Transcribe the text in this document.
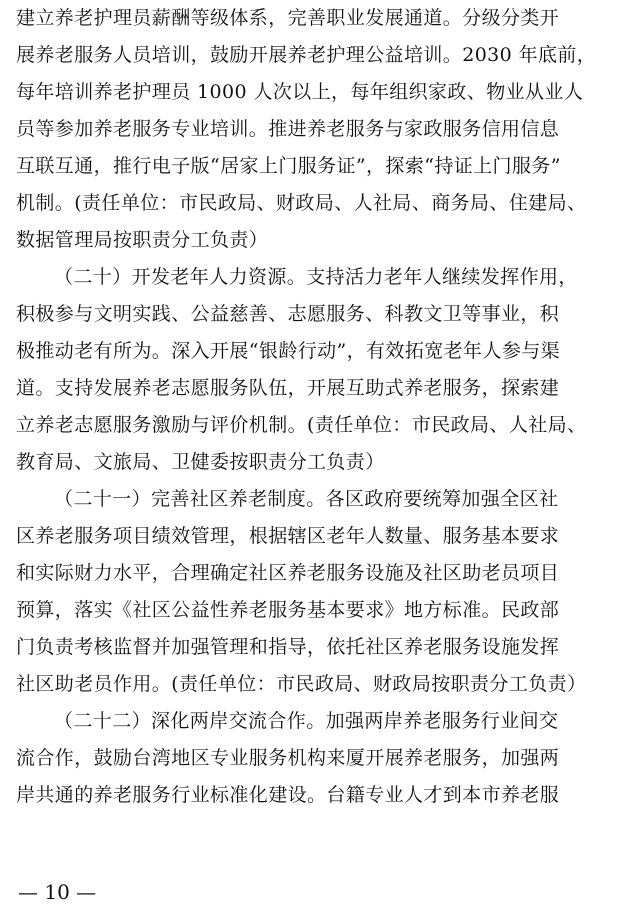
建立养老护理员薪酬等级体系，完善职业发展通道。分级分类开
展养老服务人员培训，鼓励开展养老护理公益培训。2030 年底前，
每年培训养老护理员 1000 人次以上，每年组织家政、物业从业人
员等参加养老服务专业培训。推进养老服务与家政服务信用信息
互联互通，推行电子版“居家上门服务证”，探索“持证上门服务”
机制。(责任单位：市民政局、财政局、人社局、商务局、住建局、
数据管理局按职责分工负责）
（二十）开发老年人力资源。支持活力老年人继续发挥作用，
积极参与文明实践、公益慈善、志愿服务、科教文卫等事业，积
极推动老有所为。深入开展“银龄行动”，有效拓宽老年人参与渠
道。支持发展养老志愿服务队伍，开展互助式养老服务，探索建
立养老志愿服务激励与评价机制。(责任单位：市民政局、人社局、
教育局、文旅局、卫健委按职责分工负责）
（二十一）完善社区养老制度。各区政府要统筹加强全区社
区养老服务项目绩效管理，根据辖区老年人数量、服务基本要求
和实际财力水平，合理确定社区养老服务设施及社区助老员项目
预算，落实《社区公益性养老服务基本要求》地方标准。民政部
门负责考核监督并加强管理和指导，依托社区养老服务设施发挥
社区助老员作用。(责任单位：市民政局、财政局按职责分工负责）
（二十二）深化两岸交流合作。加强两岸养老服务行业间交
流合作，鼓励台湾地区专业服务机构来厦开展养老服务，加强两
岸共通的养老服务行业标准化建设。台籍专业人才到本市养老服
— 10 —
